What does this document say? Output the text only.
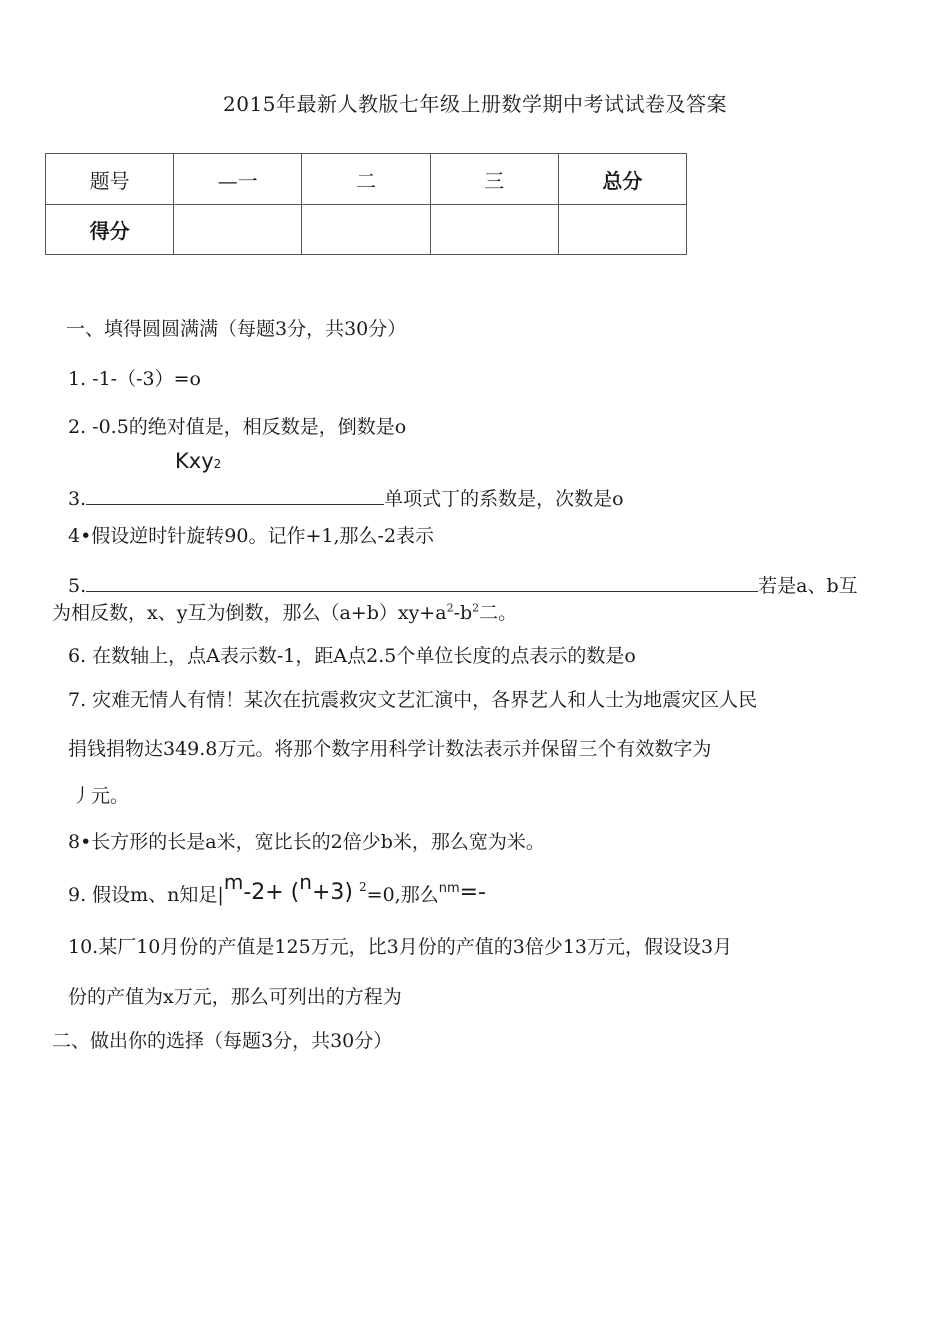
2015年最新人教版七年级上册数学期中考试试卷及答案
题号	—一	二	三	总分
得分				
一、填得圆圆满满（每题3分，共30分）
1. -1-（-3）=o
2. -0.5的绝对值是，相反数是，倒数是o
Kxy2
3.	单项式丁的系数是，次数是o
4•假设逆时针旋转90。记作+1,那么-2表示
5.	若是a、b互
为相反数，x、y互为倒数，那么$(a+b)xy+a^2-b^2$二。
6. 在数轴上，点A表示数-1，距A点2.5个单位长度的点表示的数是o
7. 灾难无情人有情！某次在抗震救灾文艺汇演中，各界艺人和人士为地震灾区人民
捐钱捐物达349.8万元。将那个数字用科学计数法表示并保留三个有效数字为
丿元。
8•长方形的长是a米，宽比长的2倍少b米，那么宽为米。
9. 假设m、n知足|m-2+ (n+3) 2=0,那么nm=-
10.某厂10月份的产值是125万元，比3月份的产值的3倍少13万元，假设设3月
份的产值为x万元，那么可列出的方程为
二、做出你的选择（每题3分，共30分）
